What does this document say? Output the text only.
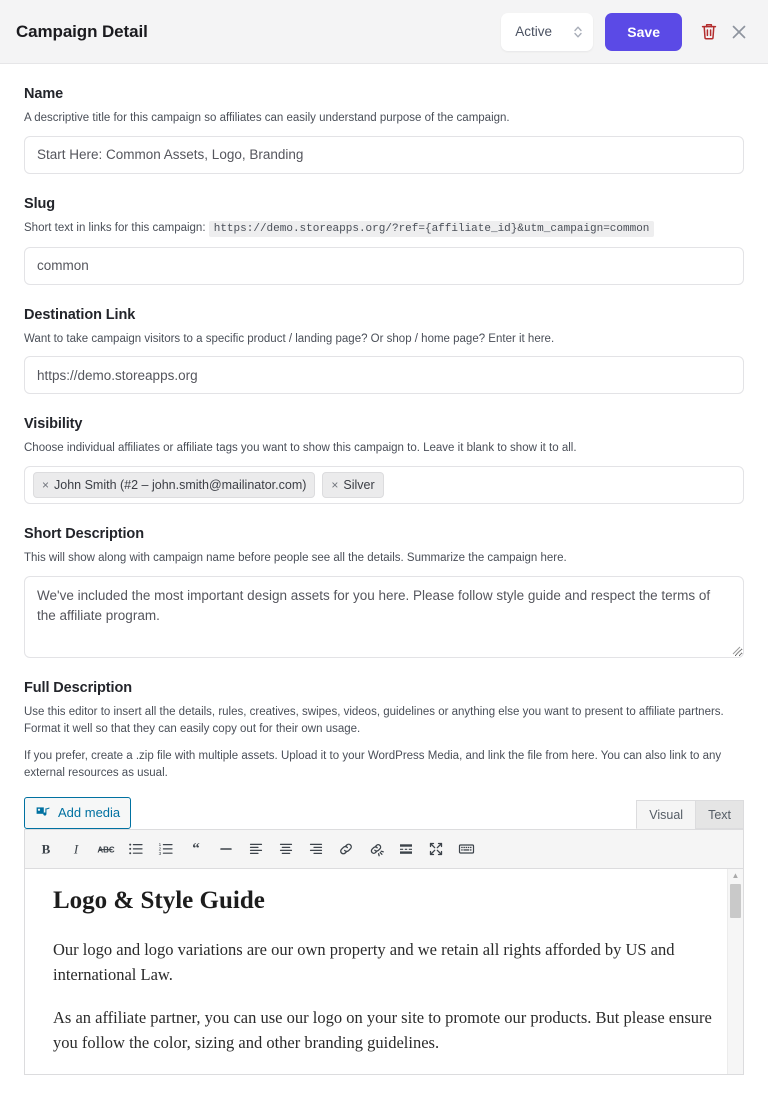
Campaign Detail	Active	Save

Name

A descriptive title for this campaign so affiliates can easily understand purpose of the campaign.

Start Here: Common Assets, Logo, Branding

Slug

Short text in links for this campaign: https://demo.storeapps.org/?ref={affiliate_id}&utm_campaign=common

common

Destination Link

Want to take campaign visitors to a specific product / landing page? Or shop / home page? Enter it here.

https://demo.storeapps.org

Visibility

Choose individual affiliates or affiliate tags you want to show this campaign to. Leave it blank to show it to all.

× John Smith (#2 – john.smith@mailinator.com) × Silver

Short Description

This will show along with campaign name before people see all the details. Summarize the campaign here.

We've included the most important design assets for you here. Please follow style guide and respect the terms of the affiliate program.

Full Description

Use this editor to insert all the details, rules, creatives, swipes, videos, guidelines or anything else you want to present to affiliate partners. Format it well so that they can easily copy out for their own usage.

If you prefer, create a .zip file with multiple assets. Upload it to your WordPress Media, and link the file from here. You can also link to any external resources as usual.

Add media	Visual	Text
B I ABC
1
2
3 “
Logo & Style Guide

Our logo and logo variations are our own property and we retain all rights afforded by US and international Law.

As an affiliate partner, you can use our logo on your site to promote our products. But please ensure you follow the color, sizing and other branding guidelines.

▲
